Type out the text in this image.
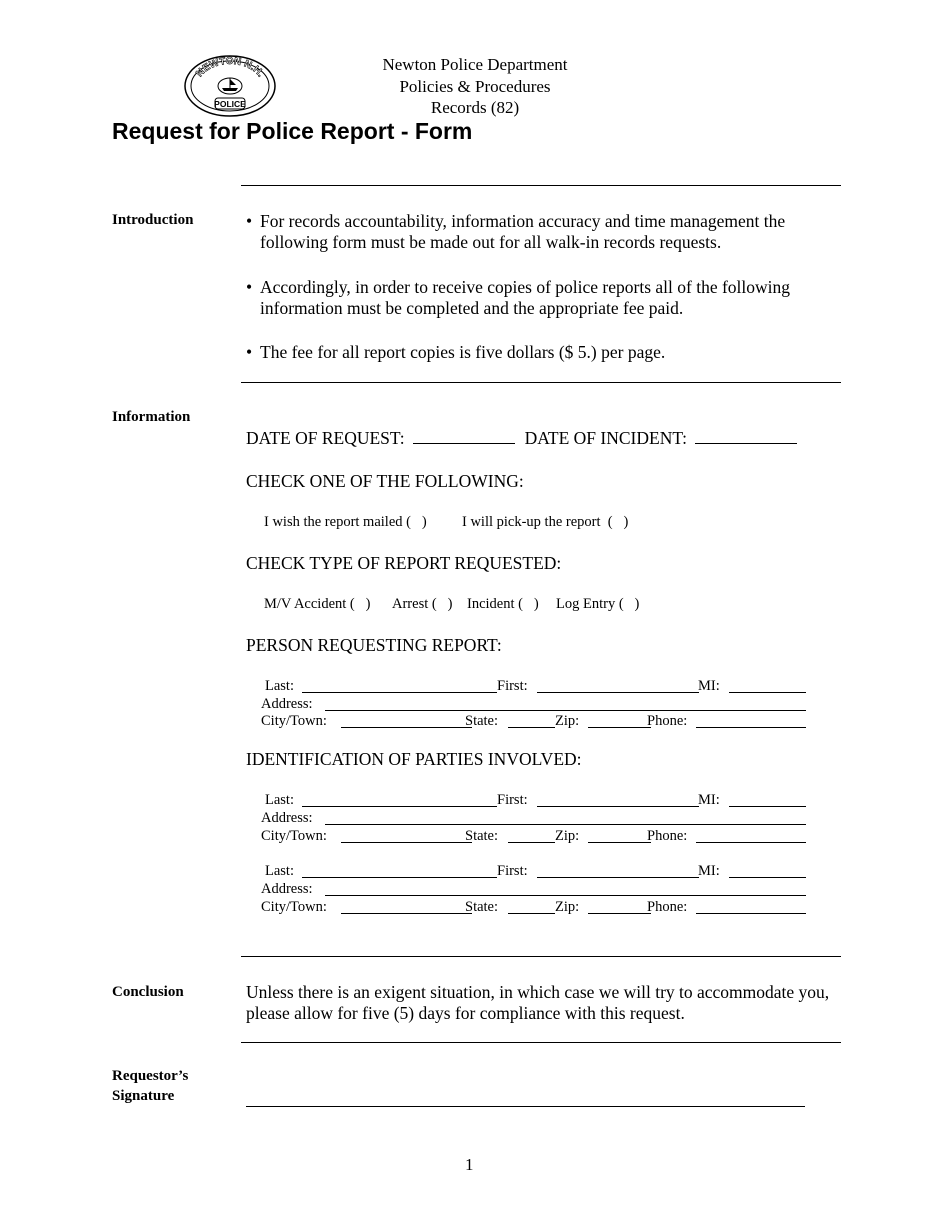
NEWTON N.H.
POLICE
Newton Police Department
Policies & Procedures
Records (82)
Request for Police Report - Form
Introduction	• For records accountability, information accuracy and time management the following form must be made out for all walk-in records requests.
• Accordingly, in order to receive copies of police reports all of the following information must be completed and the appropriate fee paid.
• The fee for all report copies is five dollars ($ 5.) per page.
Information
DATE OF REQUEST:	DATE OF INCIDENT:
CHECK ONE OF THE FOLLOWING:
I wish the report mailed (   ) I will pick-up the report  (   )
CHECK TYPE OF REPORT REQUESTED:
M/V Accident (   ) Arrest (   ) Incident (   ) Log Entry (   )
PERSON REQUESTING REPORT:
Last:	First:	MI:
Address:
City/Town:	State:	Zip:	Phone:
IDENTIFICATION OF PARTIES INVOLVED:
Last:	First:	MI:
Address:
City/Town:	State:	Zip:	Phone:
Last:	First:	MI:
Address:
City/Town:	State:	Zip:	Phone:
Conclusion	Unless there is an exigent situation, in which case we will try to accommodate you, please allow for five (5) days for compliance with this request.
Requestor’s
Signature
1
